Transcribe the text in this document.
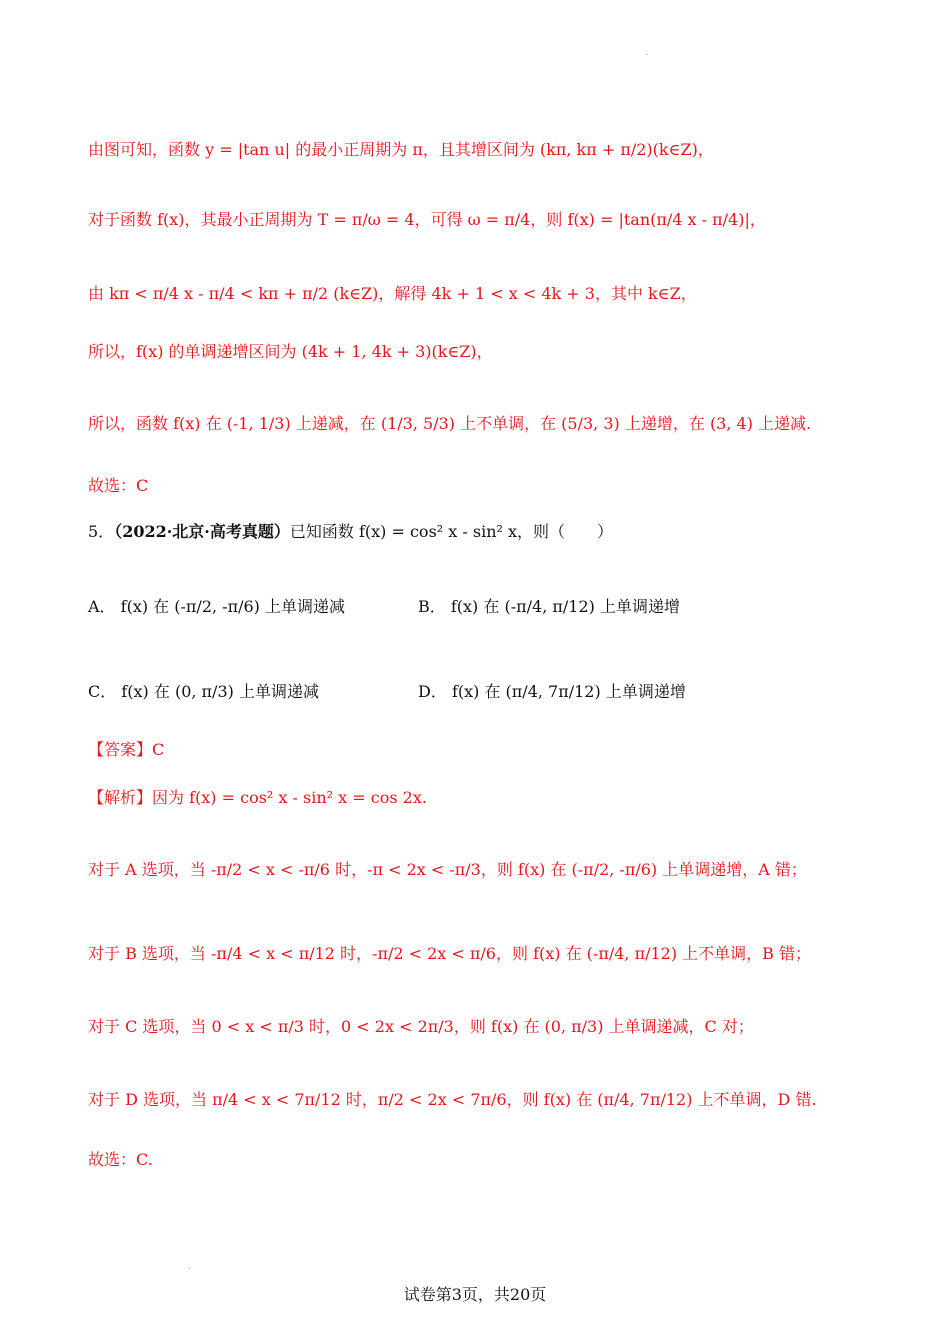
.
由图可知，函数 y = |tan u| 的最小正周期为 π，且其增区间为 (kπ, kπ + π/2)(k∈Z)，
对于函数 f(x)，其最小正周期为 T = π/ω = 4，可得 ω = π/4，则 f(x) = |tan(π/4 x - π/4)|，
由 kπ < π/4 x - π/4 < kπ + π/2 (k∈Z)，解得 4k + 1 < x < 4k + 3，其中 k∈Z，
所以，f(x) 的单调递增区间为 (4k + 1, 4k + 3)(k∈Z)，
所以，函数 f(x) 在 (-1, 1/3) 上递减，在 (1/3, 5/3) 上不单调，在 (5/3, 3) 上递增，在 (3, 4) 上递减.
故选：C
5．（2022·北京·高考真题）已知函数 f(x) = cos² x - sin² x，则（　　）
A． f(x) 在 (-π/2, -π/6) 上单调递减	B． f(x) 在 (-π/4, π/12) 上单调递增
C． f(x) 在 (0, π/3) 上单调递减	D． f(x) 在 (π/4, 7π/12) 上单调递增
【答案】C
【解析】因为 f(x) = cos² x - sin² x = cos 2x.
对于 A 选项，当 -π/2 < x < -π/6 时，-π < 2x < -π/3，则 f(x) 在 (-π/2, -π/6) 上单调递增，A 错；
对于 B 选项，当 -π/4 < x < π/12 时，-π/2 < 2x < π/6，则 f(x) 在 (-π/4, π/12) 上不单调，B 错；
对于 C 选项，当 0 < x < π/3 时，0 < 2x < 2π/3，则 f(x) 在 (0, π/3) 上单调递减，C 对；
对于 D 选项，当 π/4 < x < 7π/12 时，π/2 < 2x < 7π/6，则 f(x) 在 (π/4, 7π/12) 上不单调，D 错.
故选：C.
.
试卷第3页，共20页
